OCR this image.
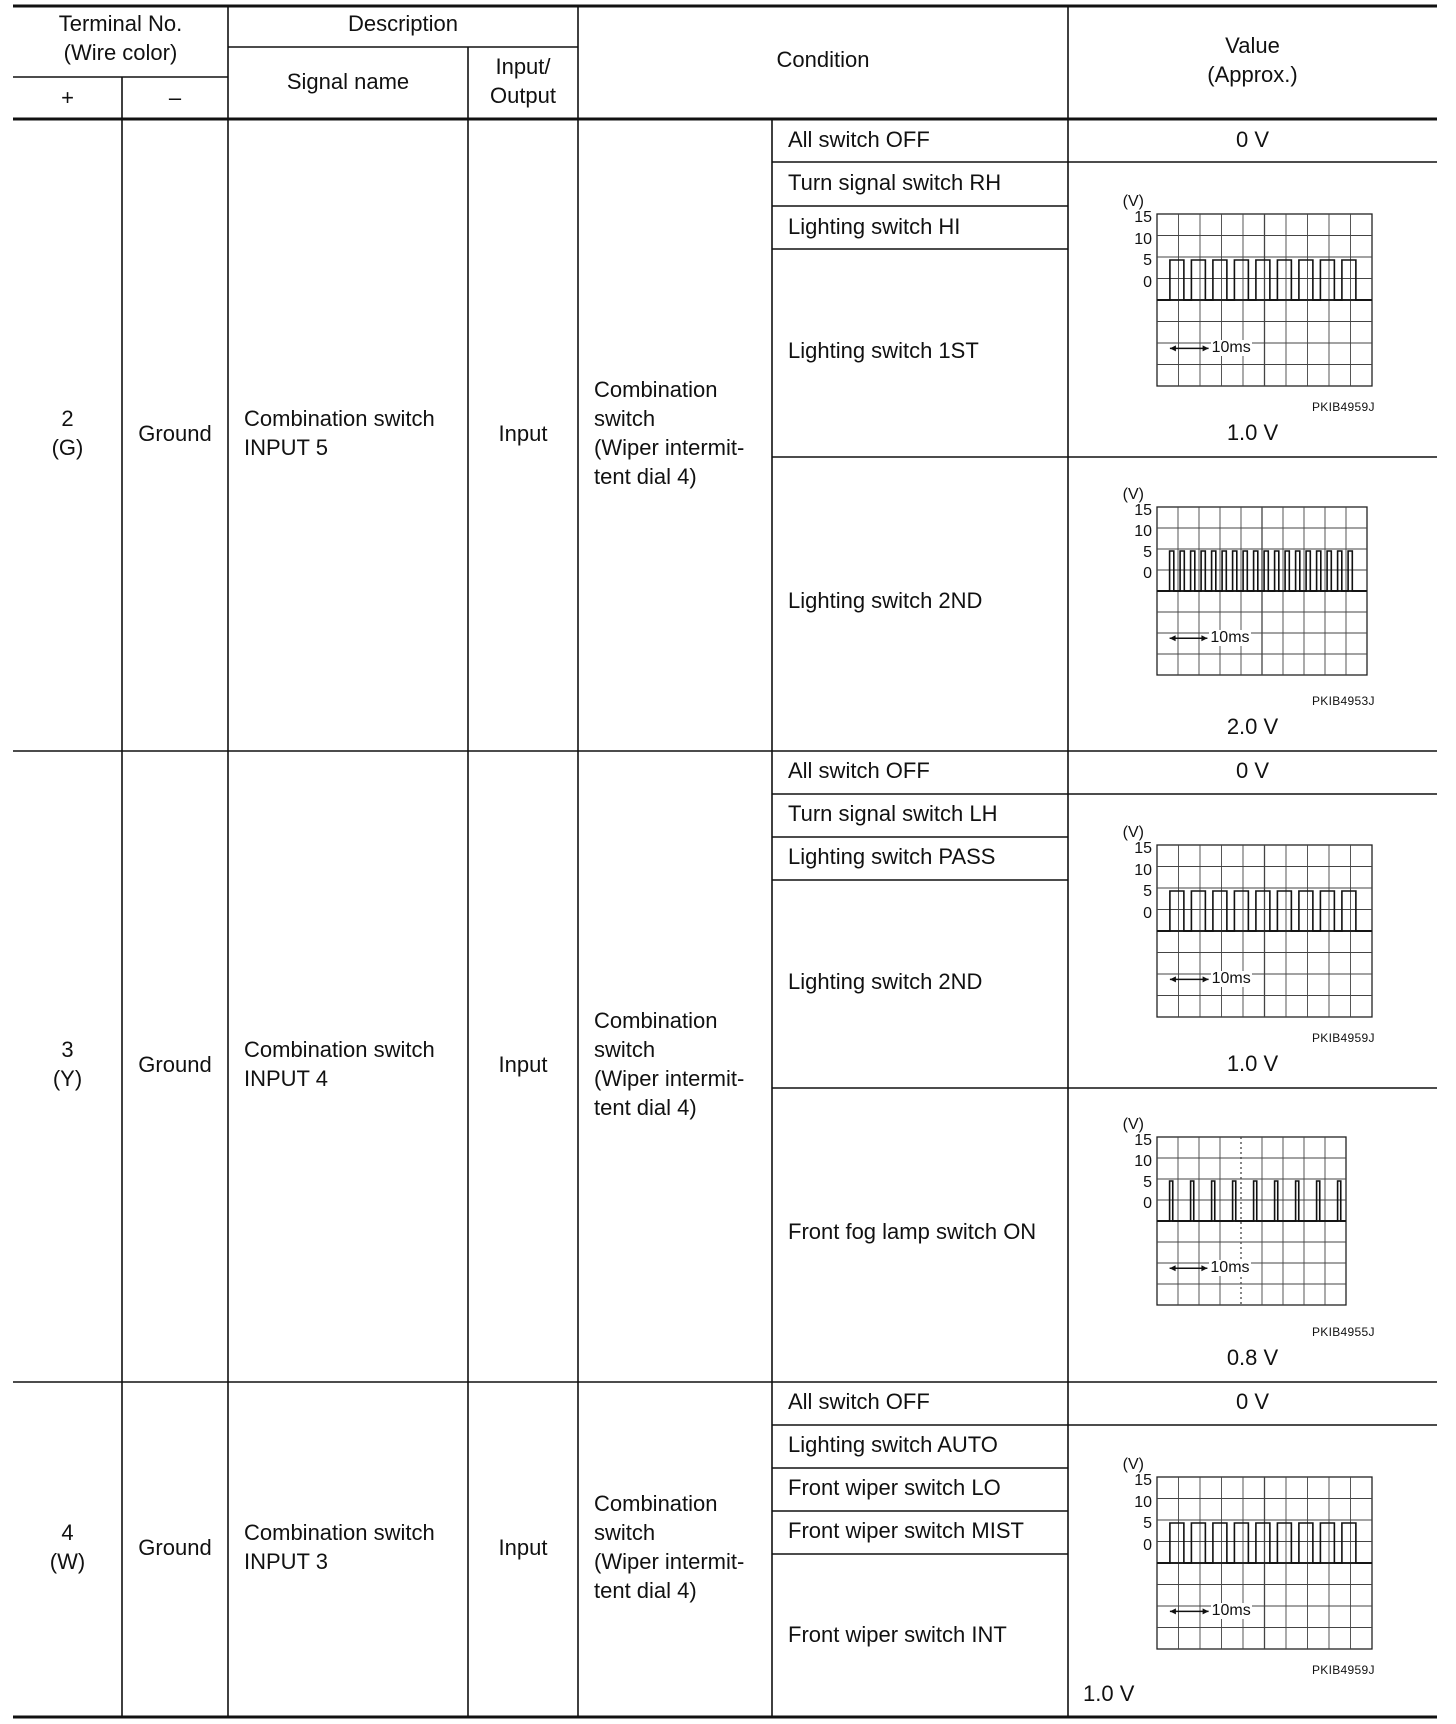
Terminal No.
(Wire color)
+	–
Description
Signal name
Input/
Output
Condition
Value
(Approx.)
2
(G)
Ground
Combination switch
INPUT 5
Input
Combination
switch
(Wiper intermit-
tent dial 4)
All switch OFF
Turn signal switch RH
Lighting switch HI
Lighting switch 1ST
Lighting switch 2ND
0 V
(V)
15
10
5
0
10ms
PKIB4959J
1.0 V
(V)
15
10
5
0
10ms
PKIB4953J
2.0 V
3
(Y)
Ground
Combination switch
INPUT 4
Input
Combination
switch
(Wiper intermit-
tent dial 4)
All switch OFF
Turn signal switch LH
Lighting switch PASS
Lighting switch 2ND
Front fog lamp switch ON
0 V
(V)
15
10
5
0
10ms
PKIB4959J
1.0 V
(V)
15
10
5
0
10ms
PKIB4955J
0.8 V
4
(W)
Ground
Combination switch
INPUT 3
Input
Combination
switch
(Wiper intermit-
tent dial 4)
All switch OFF
Lighting switch AUTO
Front wiper switch LO
Front wiper switch MIST
Front wiper switch INT
0 V
(V)
15
10
5
0
10ms
PKIB4959J
1.0 V
